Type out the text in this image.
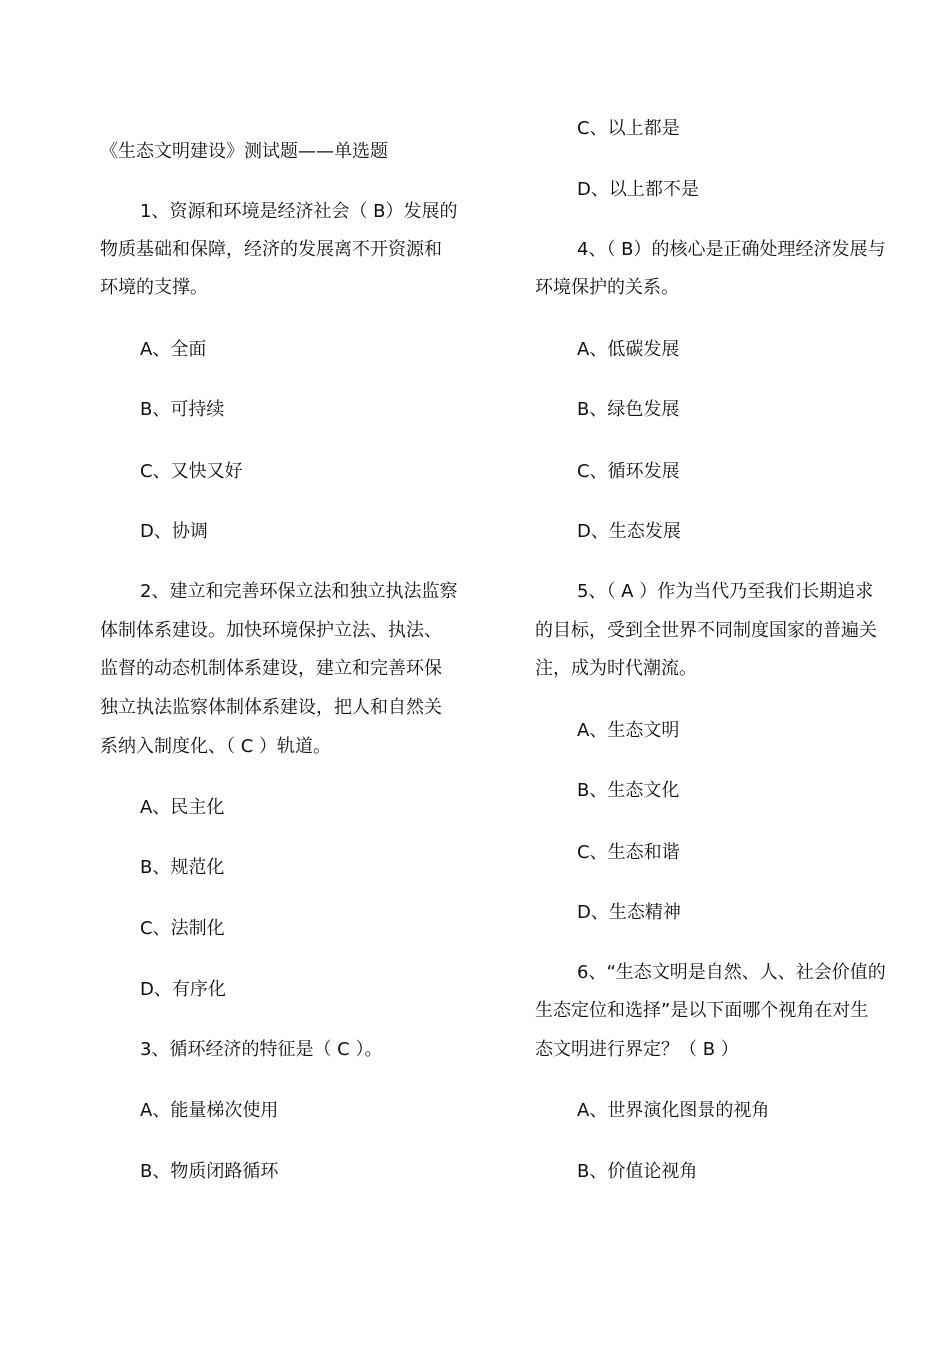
《生态文明建设》测试题——单选题
1、资源和环境是经济社会（ B）发展的
物质基础和保障，经济的发展离不开资源和
环境的支撑。
A、全面
B、可持续
C、又快又好
D、协调
2、建立和完善环保立法和独立执法监察
体制体系建设。加快环境保护立法、执法、
监督的动态机制体系建设，建立和完善环保
独立执法监察体制体系建设，把人和自然关
系纳入制度化、（ C ）轨道。
A、民主化
B、规范化
C、法制化
D、有序化
3、循环经济的特征是（ C ）。
A、能量梯次使用
B、物质闭路循环
C、以上都是
D、以上都不是
4、（ B）的核心是正确处理经济发展与
环境保护的关系。
A、低碳发展
B、绿色发展
C、循环发展
D、生态发展
5、（ A ）作为当代乃至我们长期追求
的目标，受到全世界不同制度国家的普遍关
注，成为时代潮流。
A、生态文明
B、生态文化
C、生态和谐
D、生态精神
6、“生态文明是自然、人、社会价值的
生态定位和选择”是以下面哪个视角在对生
态文明进行界定？（ B ）
A、世界演化图景的视角
B、价值论视角
